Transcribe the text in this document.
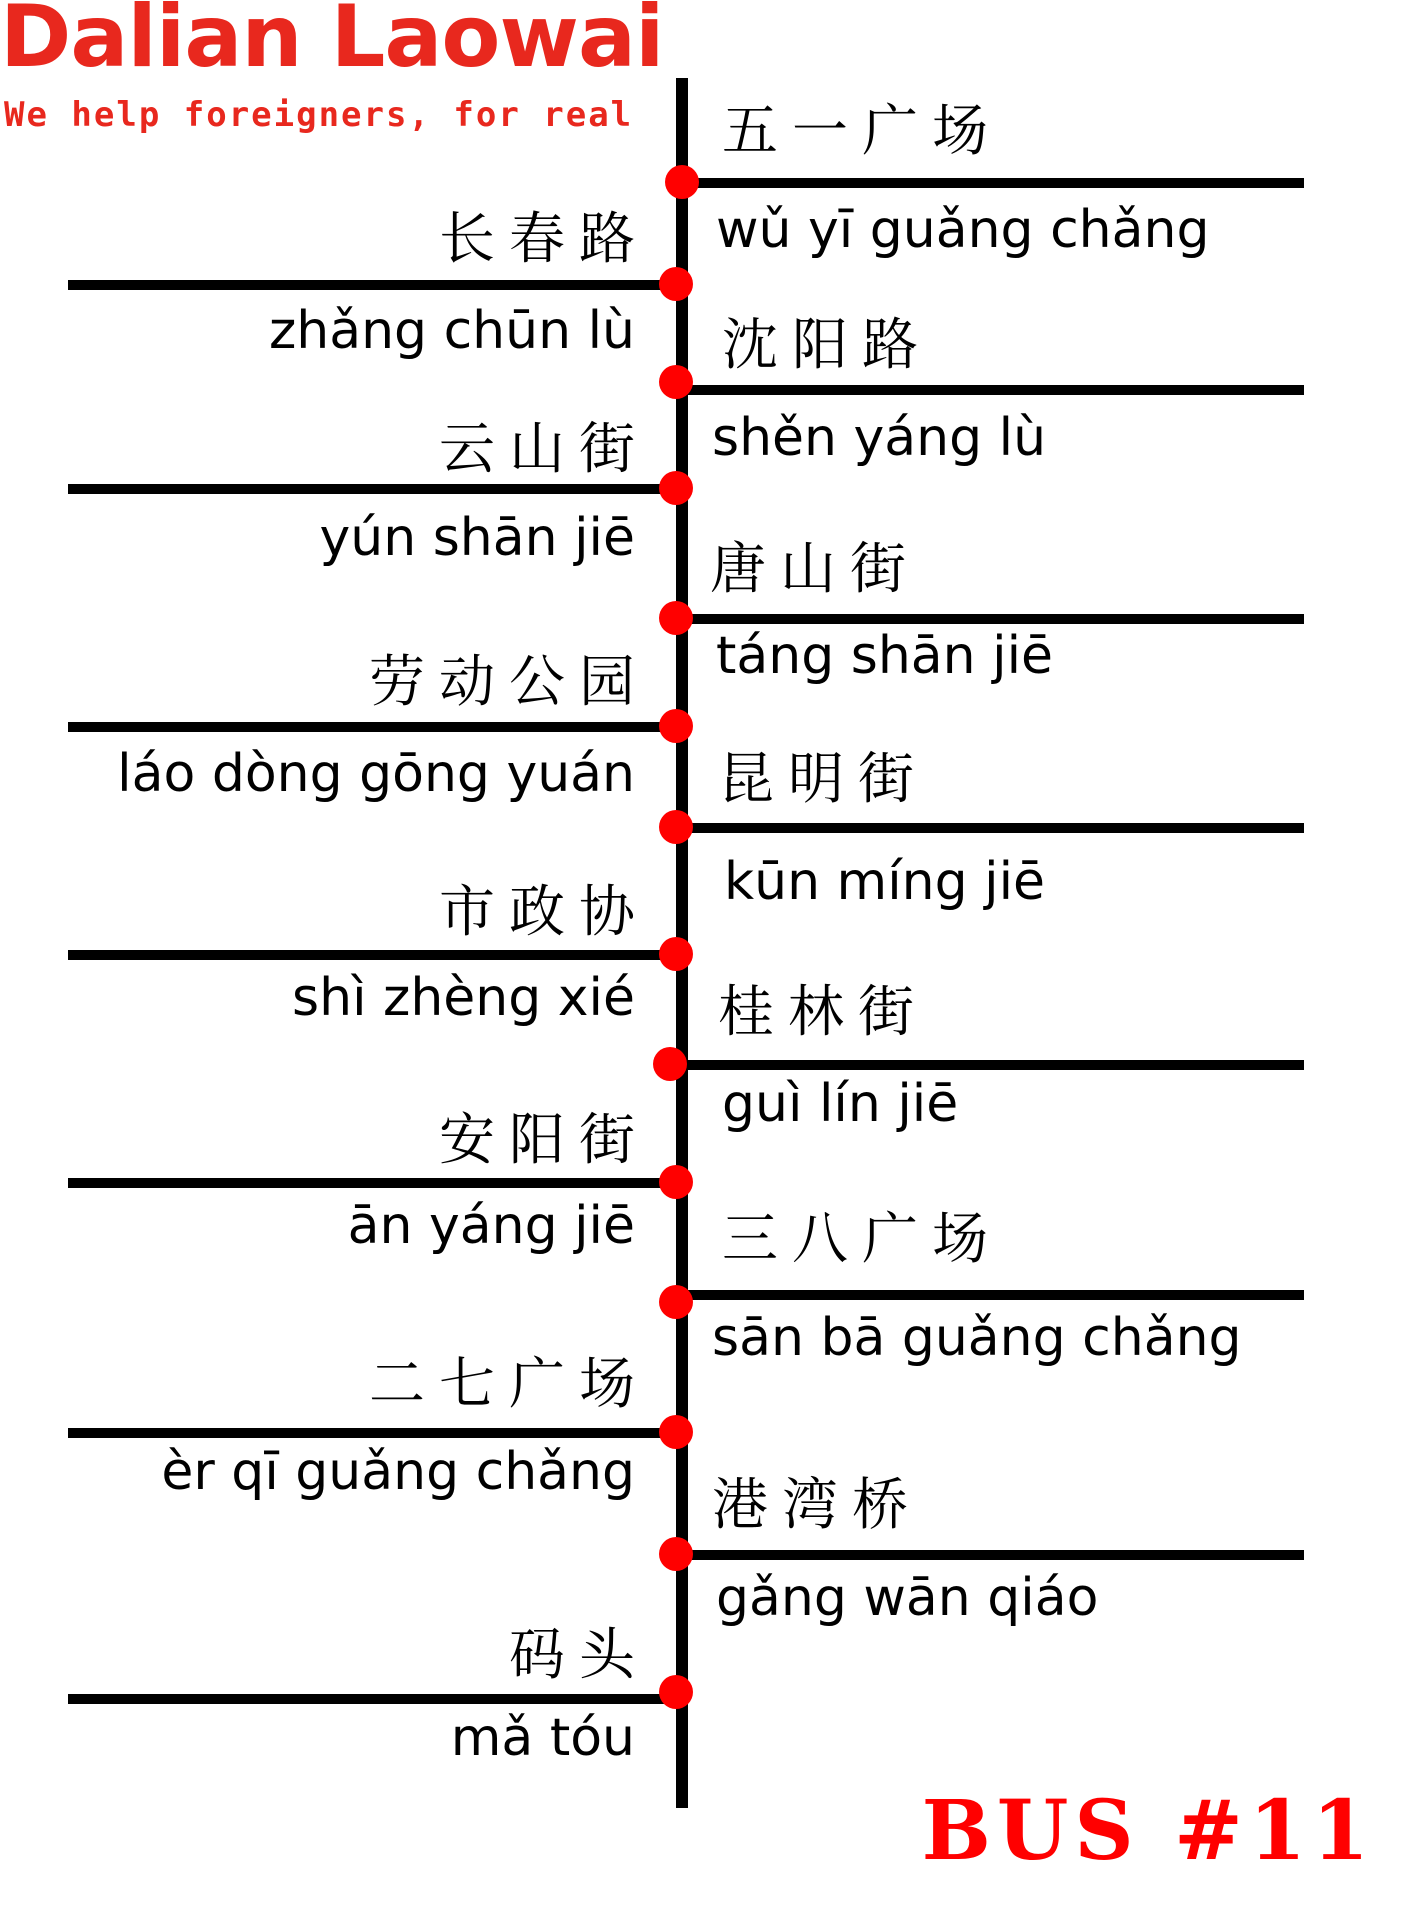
Dalian Laowai
We help foreigners, for real
长春路
zhǎng chūn lù
云山街
yún shān jiē
劳动公园
láo dòng gōng yuán
市政协
shì zhèng xié
安阳街
ān yáng jiē
二七广场
èr qī guǎng chǎng
码头
mǎ tóu
五一广场
wǔ yī guǎng chǎng
沈阳路
shěn yáng lù
唐山街
táng shān jiē
昆明街
kūn míng jiē
桂林街
guì lín jiē
三八广场
sān bā guǎng chǎng
港湾桥
gǎng wān qiáo
BUS #11
